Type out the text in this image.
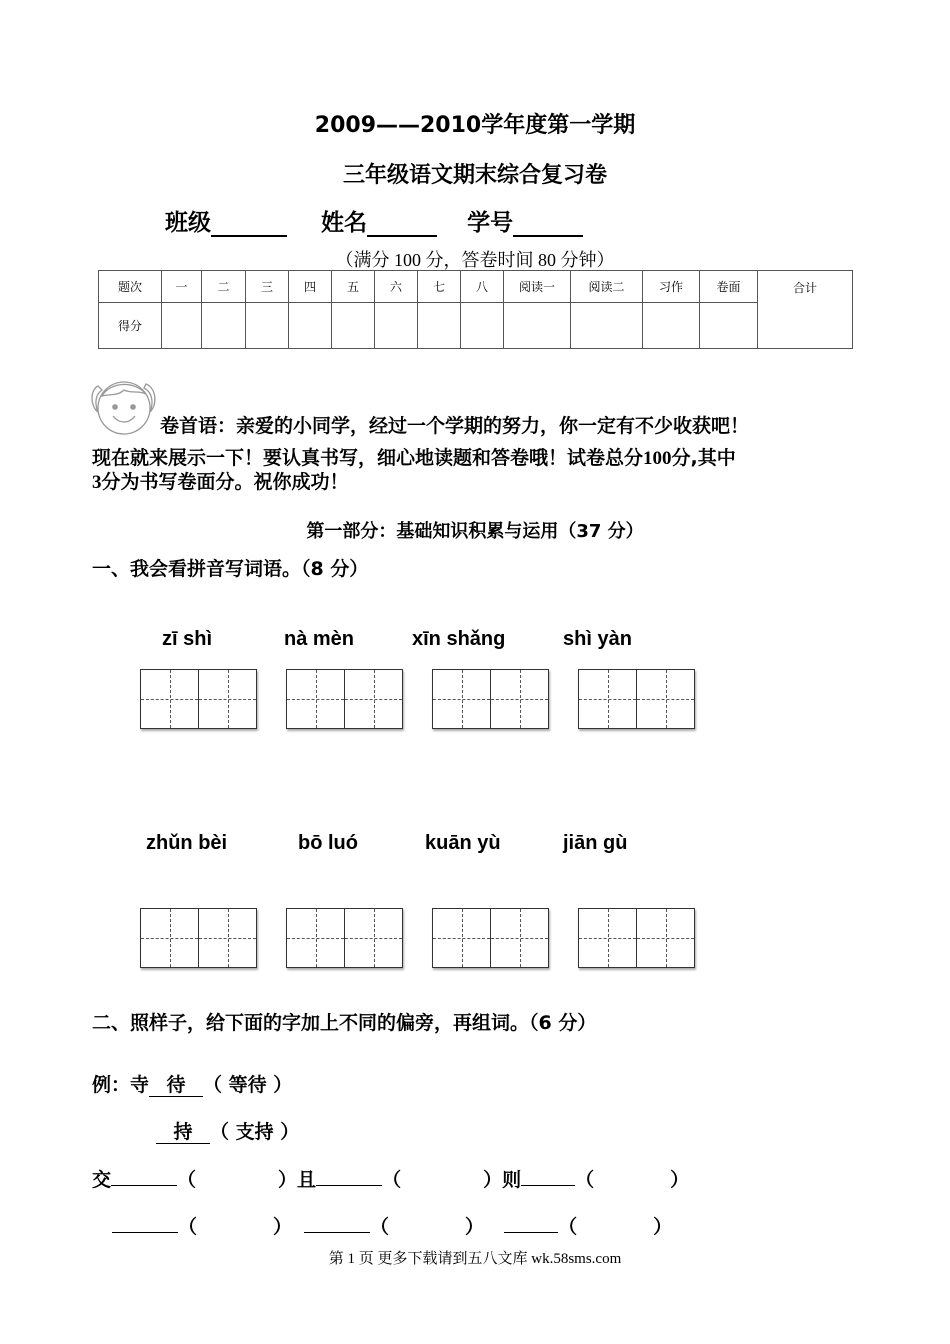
2009——2010学年度第一学期
三年级语文期末综合复习卷
班级	姓名	学号
（满分 100 分，答卷时间 80 分钟）
题次	一	二	三	四	五	六	七	八	阅读一	阅读二	习作	卷面	合计
得分													
卷首语：亲爱的小同学，经过一个学期的努力，你一定有不少收获吧！
现在就来展示一下！要认真书写，细心地读题和答卷哦！试卷总分100分,其中
3分为书写卷面分。祝你成功！
第一部分：基础知识积累与运用（37 分）
一、我会看拼音写词语。（8 分）
zī shì	nà mèn	xīn shǎng	shì yàn
zhǔn bèi	bō luó	kuān yù	jiān gù
二、照样子，给下面的字加上不同的偏旁，再组词。（6 分）
例：寺 待 （ 等待 ）
持 （ 支持 ）
交	（	）且	（	）则	（	）
（	）	（	）	（	）
第 1 页 更多下载请到五八文库 wk.58sms.com
